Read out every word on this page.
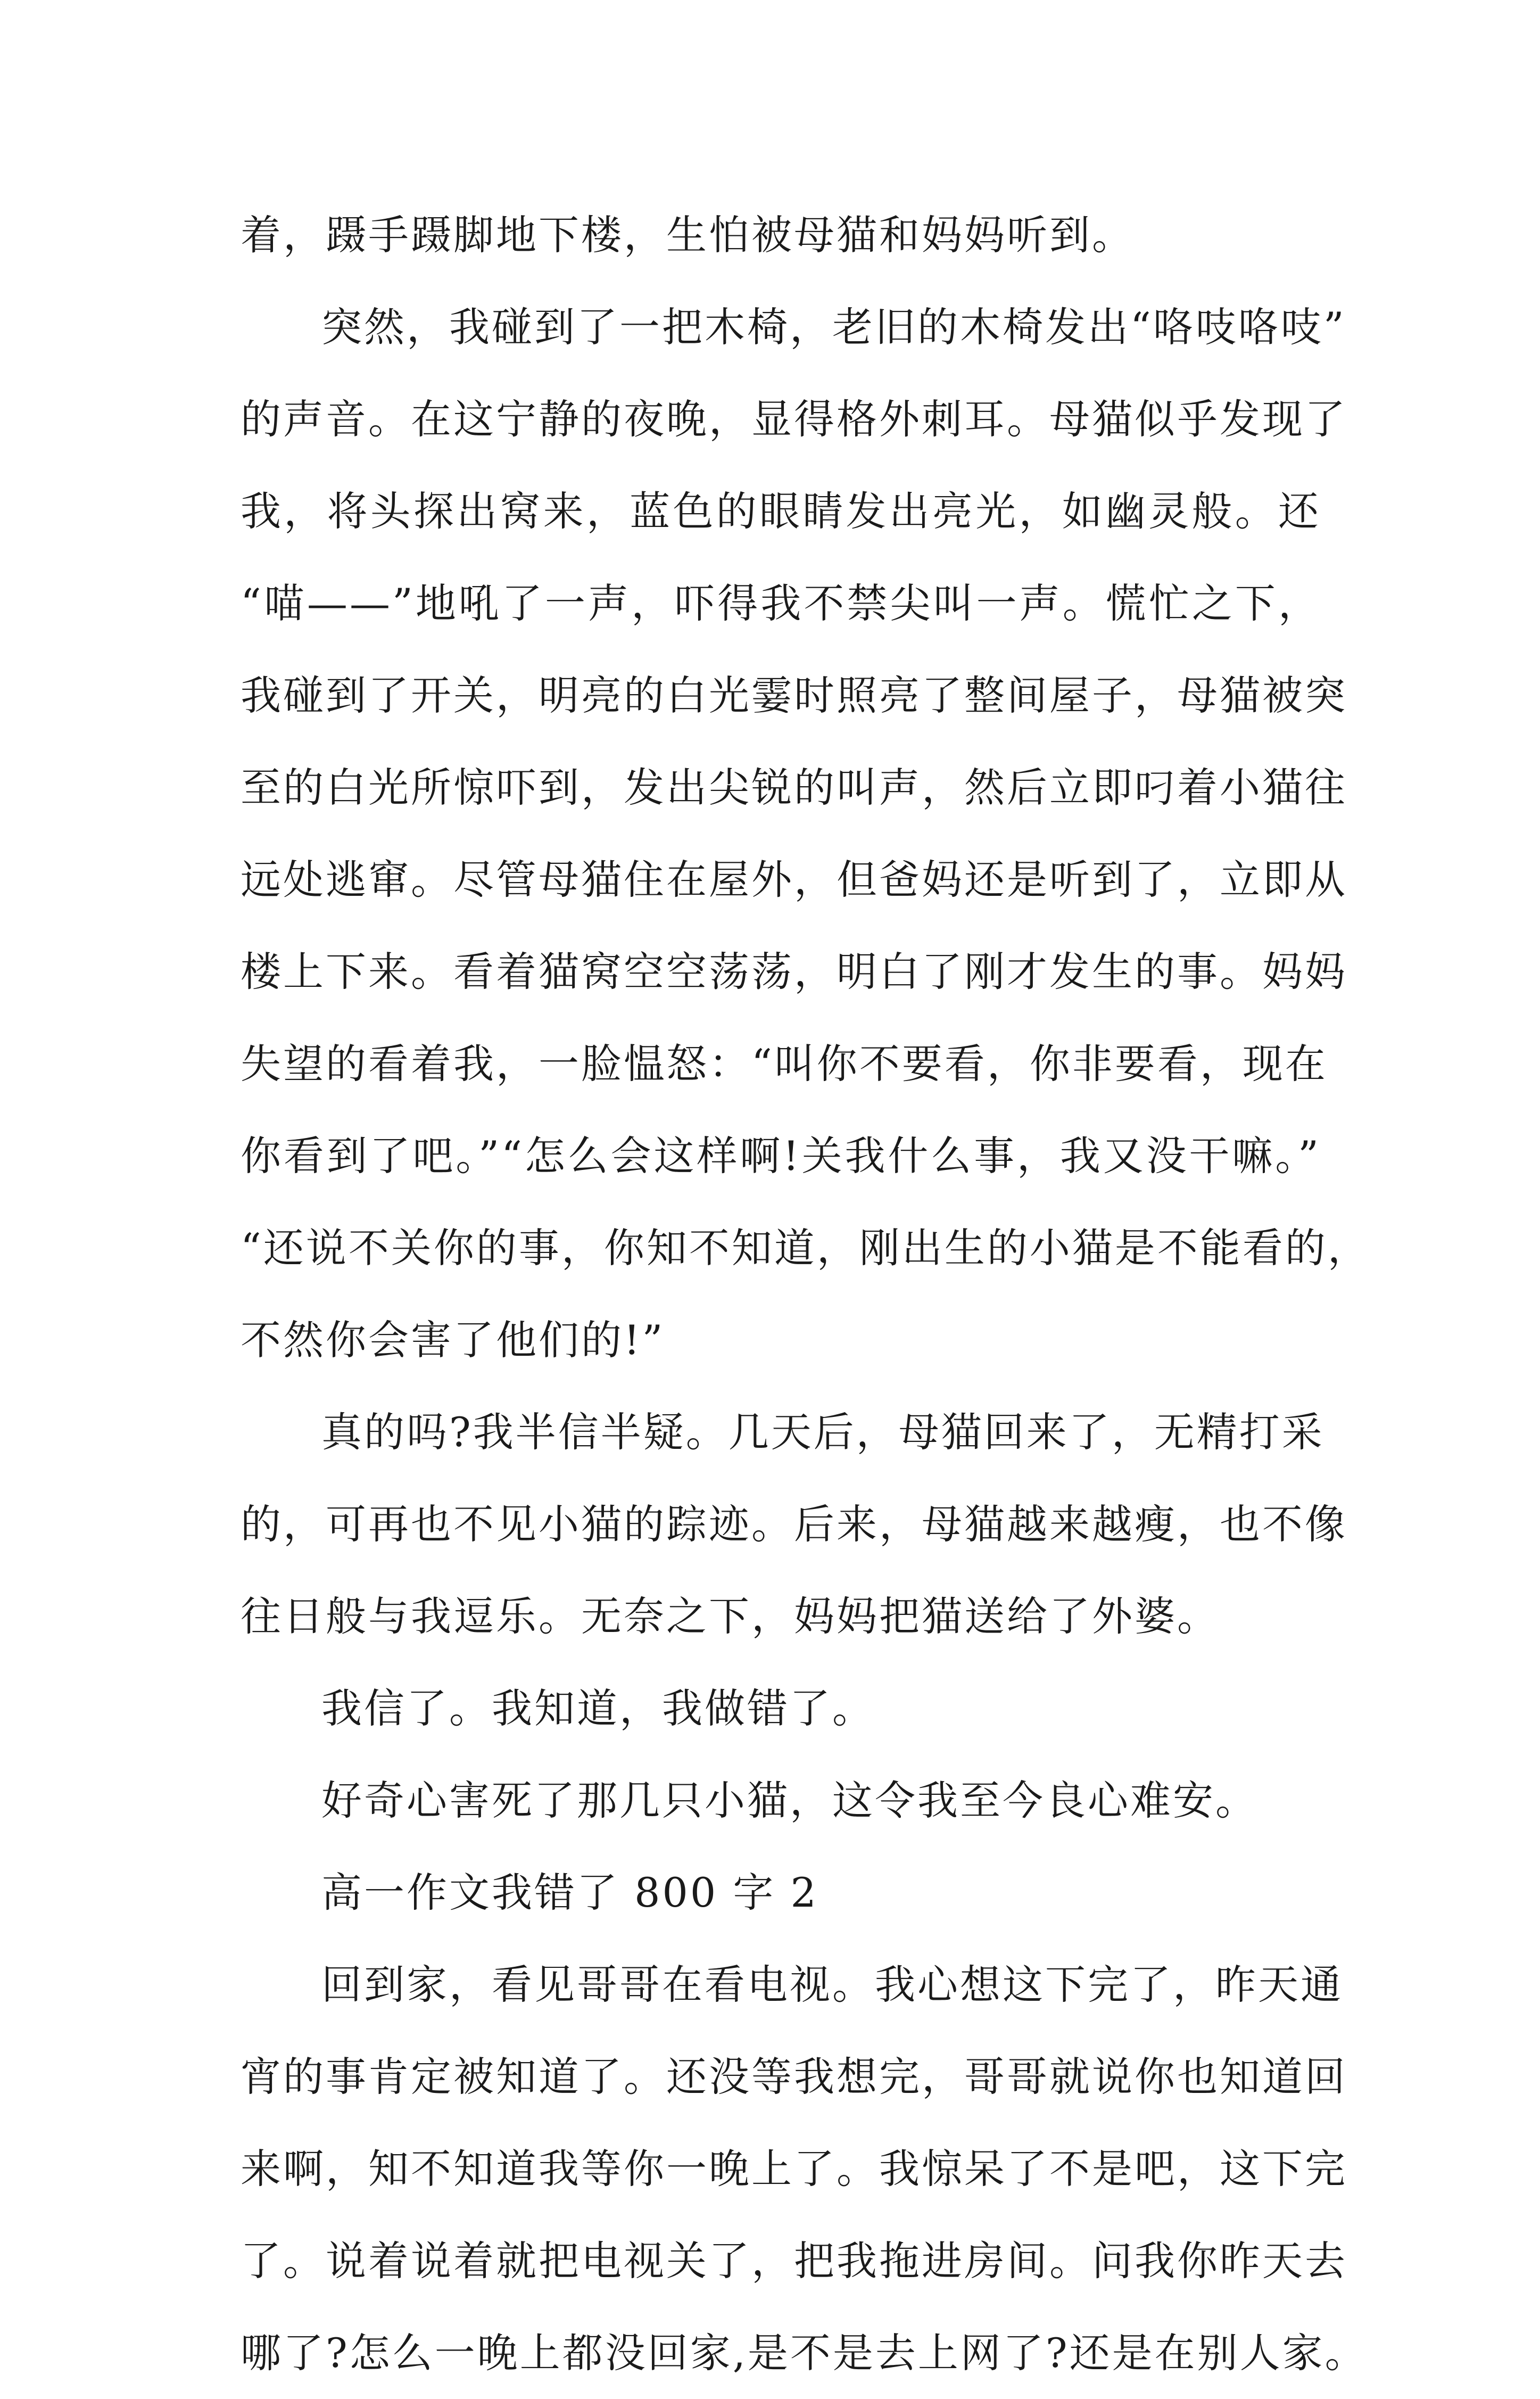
着，蹑手蹑脚地下楼，生怕被母猫和妈妈听到。
突然，我碰到了一把木椅，老旧的木椅发出“咯吱咯吱”
的声音。在这宁静的夜晚，显得格外刺耳。母猫似乎发现了
我，将头探出窝来，蓝色的眼睛发出亮光，如幽灵般。还
“喵——”地吼了一声，吓得我不禁尖叫一声。慌忙之下，
我碰到了开关，明亮的白光霎时照亮了整间屋子，母猫被突
至的白光所惊吓到，发出尖锐的叫声，然后立即叼着小猫往
远处逃窜。尽管母猫住在屋外，但爸妈还是听到了，立即从
楼上下来。看着猫窝空空荡荡，明白了刚才发生的事。妈妈
失望的看着我，一脸愠怒：“叫你不要看，你非要看，现在
你看到了吧。”“怎么会这样啊!关我什么事，我又没干嘛。”
“还说不关你的事，你知不知道，刚出生的小猫是不能看的，
不然你会害了他们的!”
真的吗?我半信半疑。几天后，母猫回来了，无精打采
的，可再也不见小猫的踪迹。后来，母猫越来越瘦，也不像
往日般与我逗乐。无奈之下，妈妈把猫送给了外婆。
我信了。我知道，我做错了。
好奇心害死了那几只小猫，这令我至今良心难安。
高一作文我错了 800 字 2
回到家，看见哥哥在看电视。我心想这下完了，昨天通
宵的事肯定被知道了。还没等我想完，哥哥就说你也知道回
来啊，知不知道我等你一晚上了。我惊呆了不是吧，这下完
了。说着说着就把电视关了，把我拖进房间。问我你昨天去
哪了?怎么一晚上都没回家,是不是去上网了?还是在别人家。
